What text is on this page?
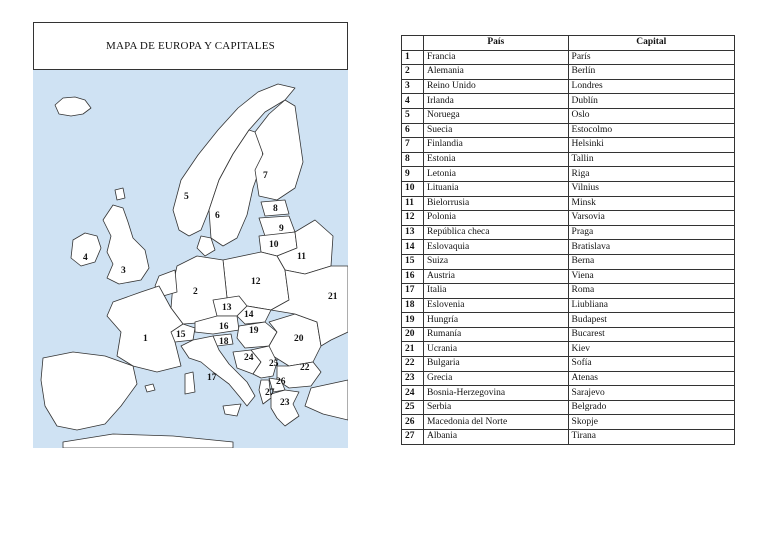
MAPA DE EUROPA Y CAPITALES
1
2
3
4
5
6
7
8
9
10
11
12
13
14
15
16
17
18
19
20
21
22
23
24
25
26
27
	País	Capital
1	Francia	París
2	Alemania	Berlín
3	Reino Unido	Londres
4	Irlanda	Dublín
5	Noruega	Oslo
6	Suecia	Estocolmo
7	Finlandia	Helsinki
8	Estonia	Tallin
9	Letonia	Riga
10	Lituania	Vilnius
11	Bielorrusia	Minsk
12	Polonia	Varsovia
13	República checa	Praga
14	Eslovaquia	Bratislava
15	Suiza	Berna
16	Austria	Viena
17	Italia	Roma
18	Eslovenia	Liubliana
19	Hungría	Budapest
20	Rumanía	Bucarest
21	Ucrania	Kiev
22	Bulgaria	Sofía
23	Grecia	Atenas
24	Bosnia-Herzegovina	Sarajevo
25	Serbia	Belgrado
26	Macedonia del Norte	Skopje
27	Albania	Tirana
